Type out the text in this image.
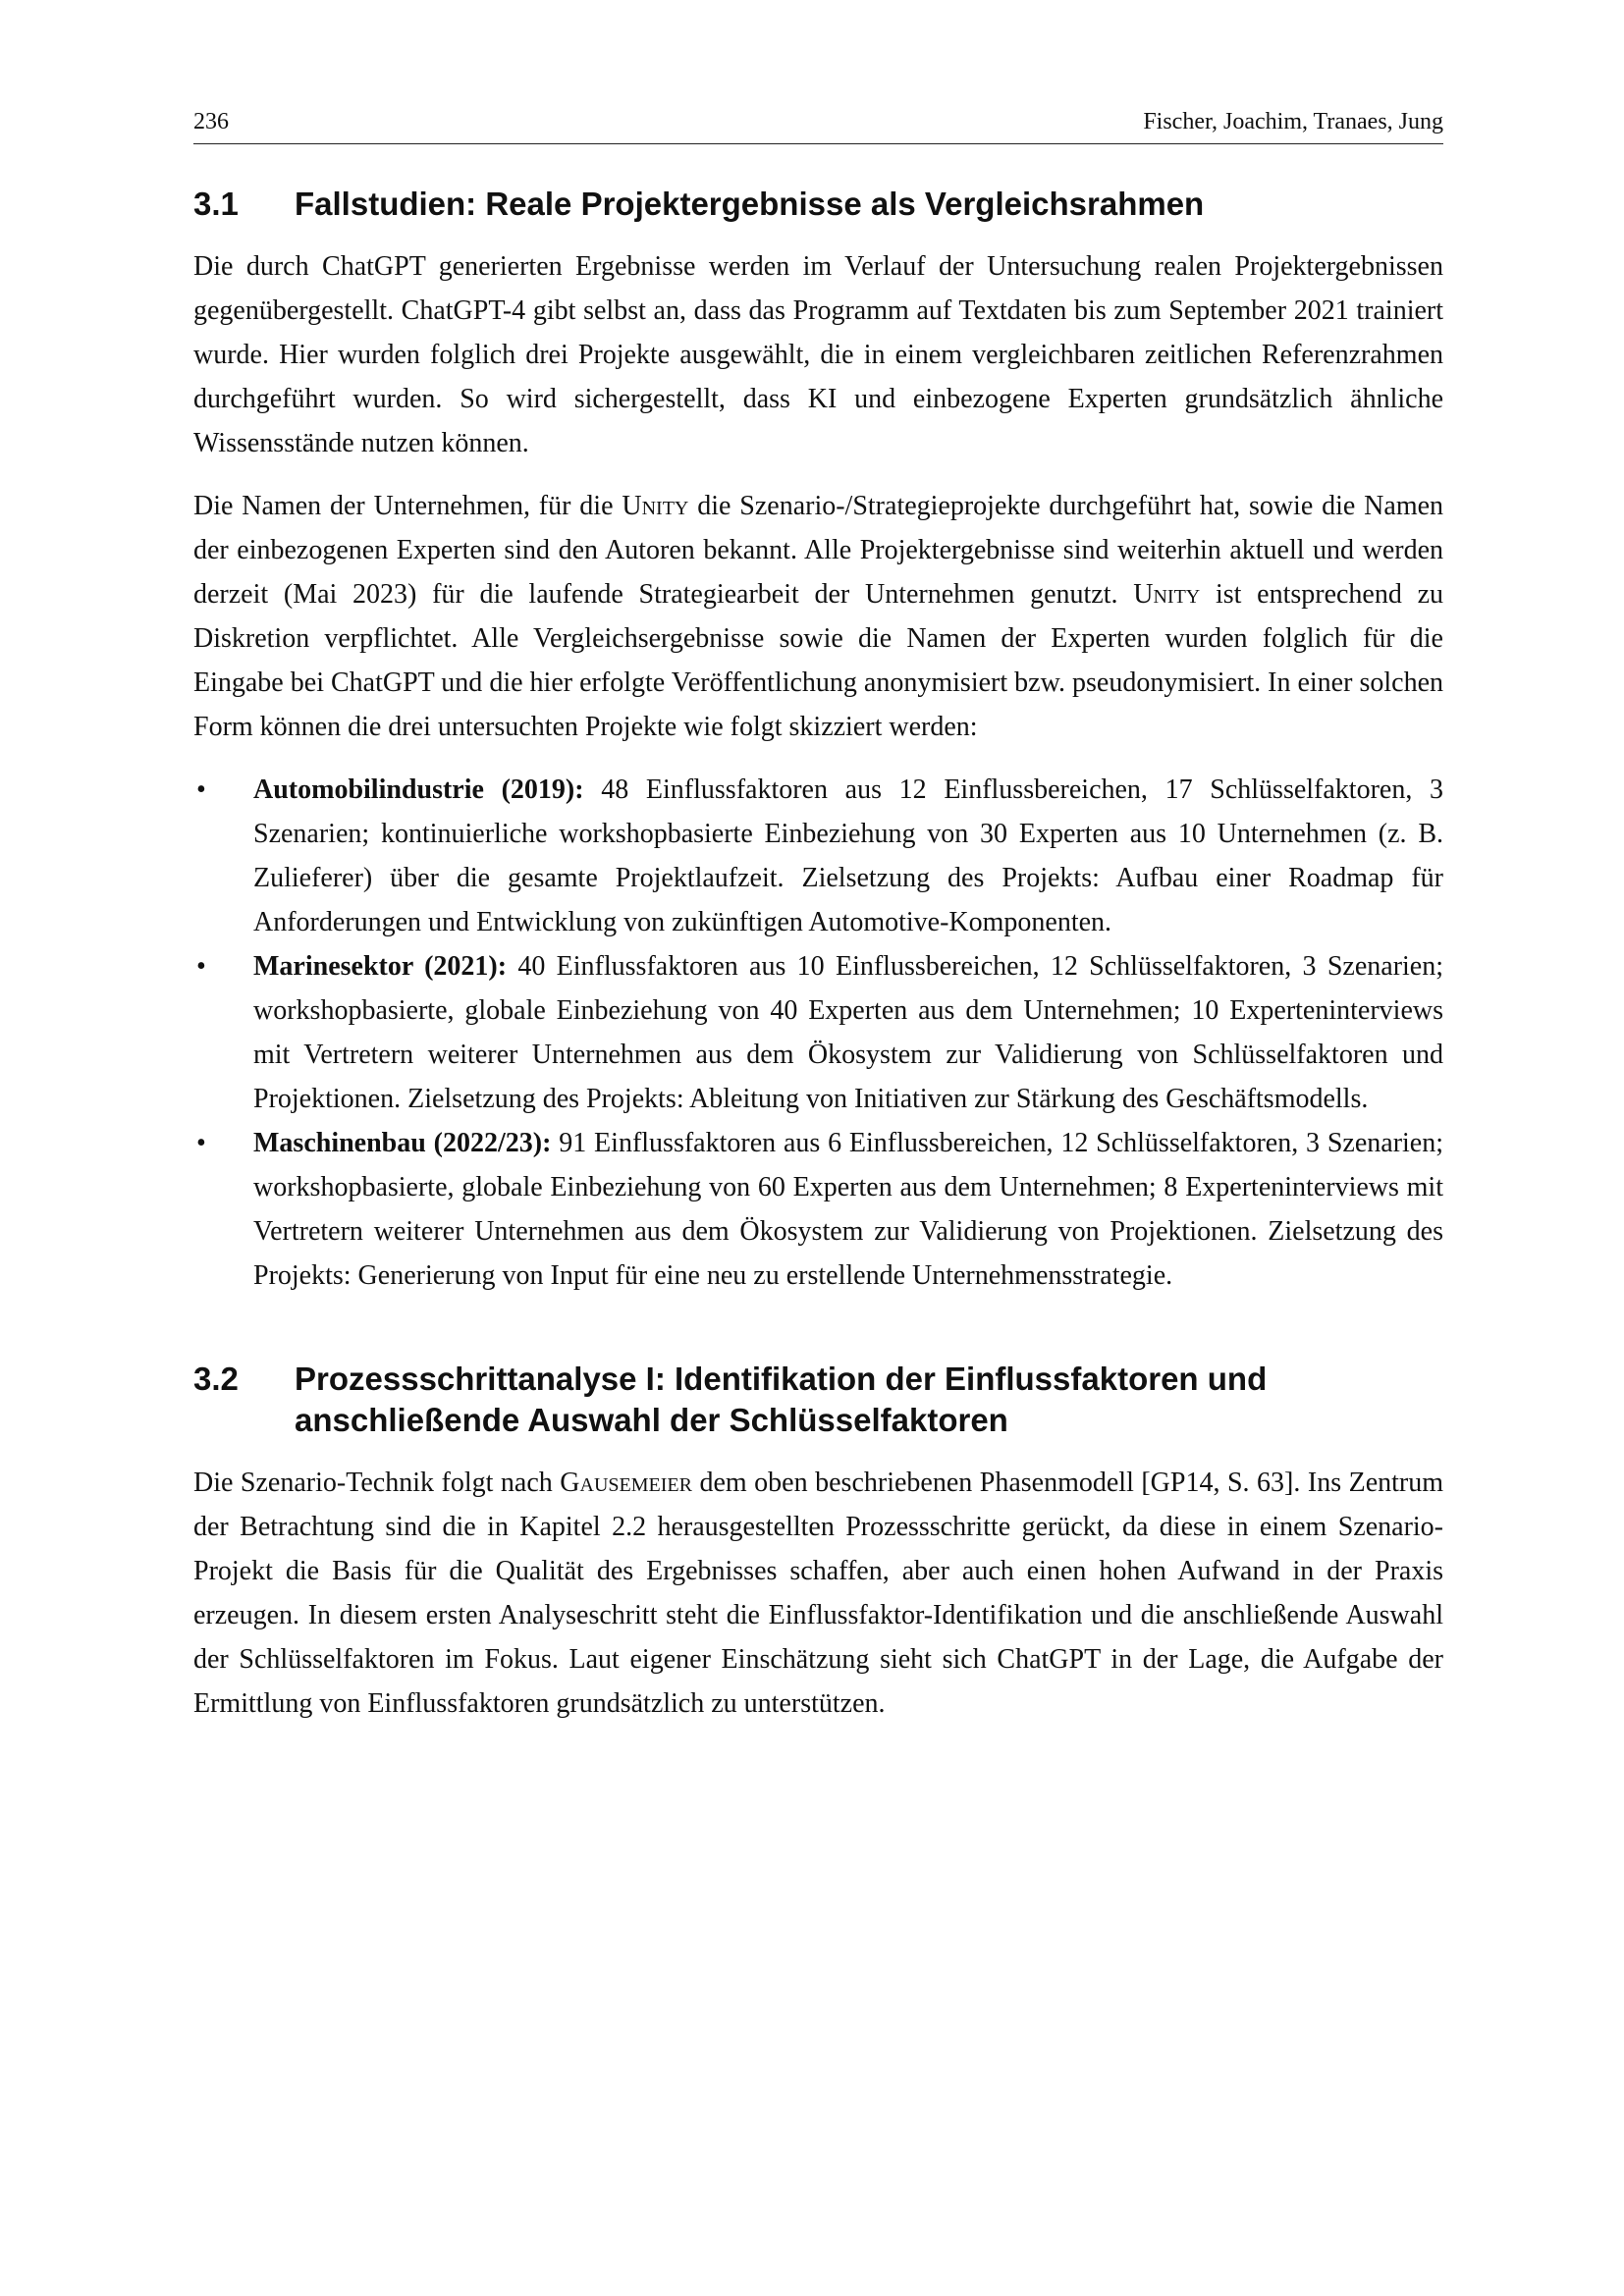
236	Fischer, Joachim, Tranaes, Jung
3.1	Fallstudien: Reale Projektergebnisse als Vergleichsrahmen

Die durch ChatGPT generierten Ergebnisse werden im Verlauf der Untersuchung realen Projektergebnissen gegenübergestellt. ChatGPT-4 gibt selbst an, dass das Programm auf Textdaten bis zum September 2021 trainiert wurde. Hier wurden folglich drei Projekte ausgewählt, die in einem vergleichbaren zeitlichen Referenzrahmen durchgeführt wurden. So wird sichergestellt, dass KI und einbezogene Experten grundsätzlich ähnliche Wissensstände nutzen können.

Die Namen der Unternehmen, für die Unity die Szenario-/Strategieprojekte durchgeführt hat, sowie die Namen der einbezogenen Experten sind den Autoren bekannt. Alle Projektergebnisse sind weiterhin aktuell und werden derzeit (Mai 2023) für die laufende Strategiearbeit der Unternehmen genutzt. Unity ist entsprechend zu Diskretion verpflichtet. Alle Vergleichsergebnisse sowie die Namen der Experten wurden folglich für die Eingabe bei ChatGPT und die hier erfolgte Veröffentlichung anonymisiert bzw. pseudonymisiert. In einer solchen Form können die drei untersuchten Projekte wie folgt skizziert werden:

•	Automobilindustrie (2019): 48 Einflussfaktoren aus 12 Einflussbereichen, 17 Schlüsselfaktoren, 3 Szenarien; kontinuierliche workshopbasierte Einbeziehung von 30 Experten aus 10 Unternehmen (z. B. Zulieferer) über die gesamte Projektlaufzeit. Zielsetzung des Projekts: Aufbau einer Roadmap für Anforderungen und Entwicklung von zukünftigen Automotive-Komponenten.
•	Marinesektor (2021): 40 Einflussfaktoren aus 10 Einflussbereichen, 12 Schlüsselfaktoren, 3 Szenarien; workshopbasierte, globale Einbeziehung von 40 Experten aus dem Unternehmen; 10 Experteninterviews mit Vertretern weiterer Unternehmen aus dem Ökosystem zur Validierung von Schlüsselfaktoren und Projektionen. Zielsetzung des Projekts: Ableitung von Initiativen zur Stärkung des Geschäftsmodells.
•	Maschinenbau (2022/23): 91 Einflussfaktoren aus 6 Einflussbereichen, 12 Schlüsselfaktoren, 3 Szenarien; workshopbasierte, globale Einbeziehung von 60 Experten aus dem Unternehmen; 8 Experteninterviews mit Vertretern weiterer Unternehmen aus dem Ökosystem zur Validierung von Projektionen. Zielsetzung des Projekts: Generierung von Input für eine neu zu erstellende Unternehmensstrategie.
3.2	Prozessschrittanalyse I: Identifikation der Einflussfaktoren und anschließende Auswahl der Schlüsselfaktoren

Die Szenario-Technik folgt nach Gausemeier dem oben beschriebenen Phasenmodell [GP14, S. 63]. Ins Zentrum der Betrachtung sind die in Kapitel 2.2 herausgestellten Prozessschritte gerückt, da diese in einem Szenario-Projekt die Basis für die Qualität des Ergebnisses schaffen, aber auch einen hohen Aufwand in der Praxis erzeugen. In diesem ersten Analyseschritt steht die Einflussfaktor-Identifikation und die anschließende Auswahl der Schlüsselfaktoren im Fokus. Laut eigener Einschätzung sieht sich ChatGPT in der Lage, die Aufgabe der Ermittlung von Einflussfaktoren grundsätzlich zu unterstützen.
